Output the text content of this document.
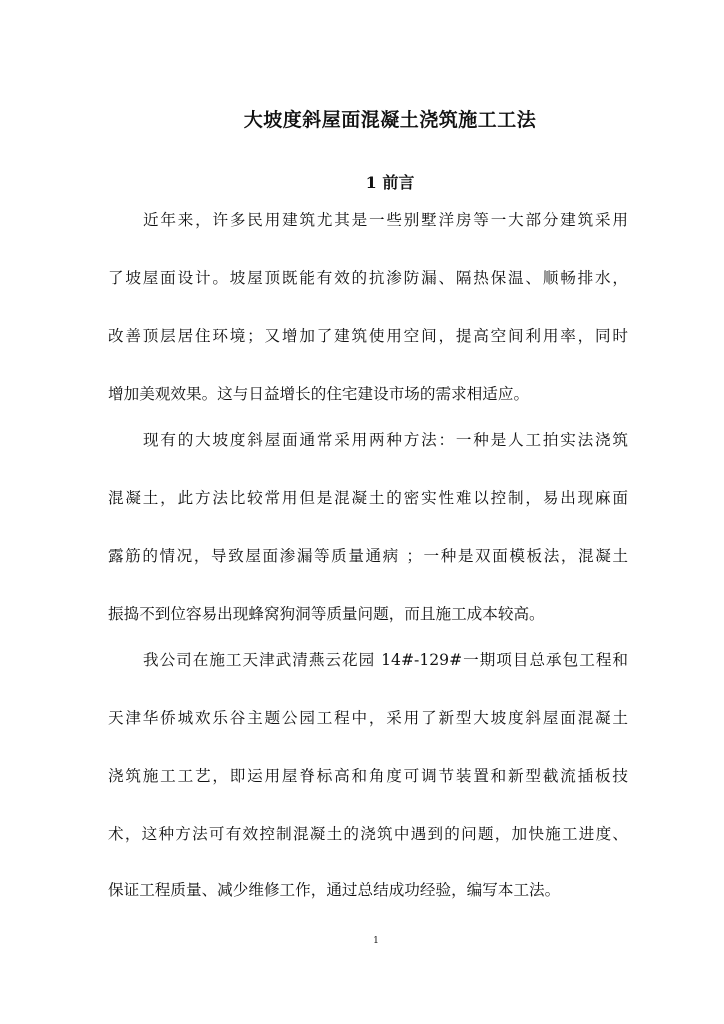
大坡度斜屋面混凝土浇筑施工工法
1 前言
近年来，许多民用建筑尤其是一些别墅洋房等一大部分建筑采用
了坡屋面设计。坡屋顶既能有效的抗渗防漏、隔热保温、顺畅排水，
改善顶层居住环境；又增加了建筑使用空间，提高空间利用率，同时
增加美观效果。这与日益增长的住宅建设市场的需求相适应。
现有的大坡度斜屋面通常采用两种方法：一种是人工拍实法浇筑
混凝土，此方法比较常用但是混凝土的密实性难以控制，易出现麻面
露筋的情况，导致屋面渗漏等质量通病 ；一种是双面模板法，混凝土
振捣不到位容易出现蜂窝狗洞等质量问题，而且施工成本较高。
我公司在施工天津武清燕云花园 14#-129#一期项目总承包工程和
天津华侨城欢乐谷主题公园工程中，采用了新型大坡度斜屋面混凝土
浇筑施工工艺，即运用屋脊标高和角度可调节装置和新型截流插板技
术，这种方法可有效控制混凝土的浇筑中遇到的问题，加快施工进度、
保证工程质量、减少维修工作，通过总结成功经验，编写本工法。
1
